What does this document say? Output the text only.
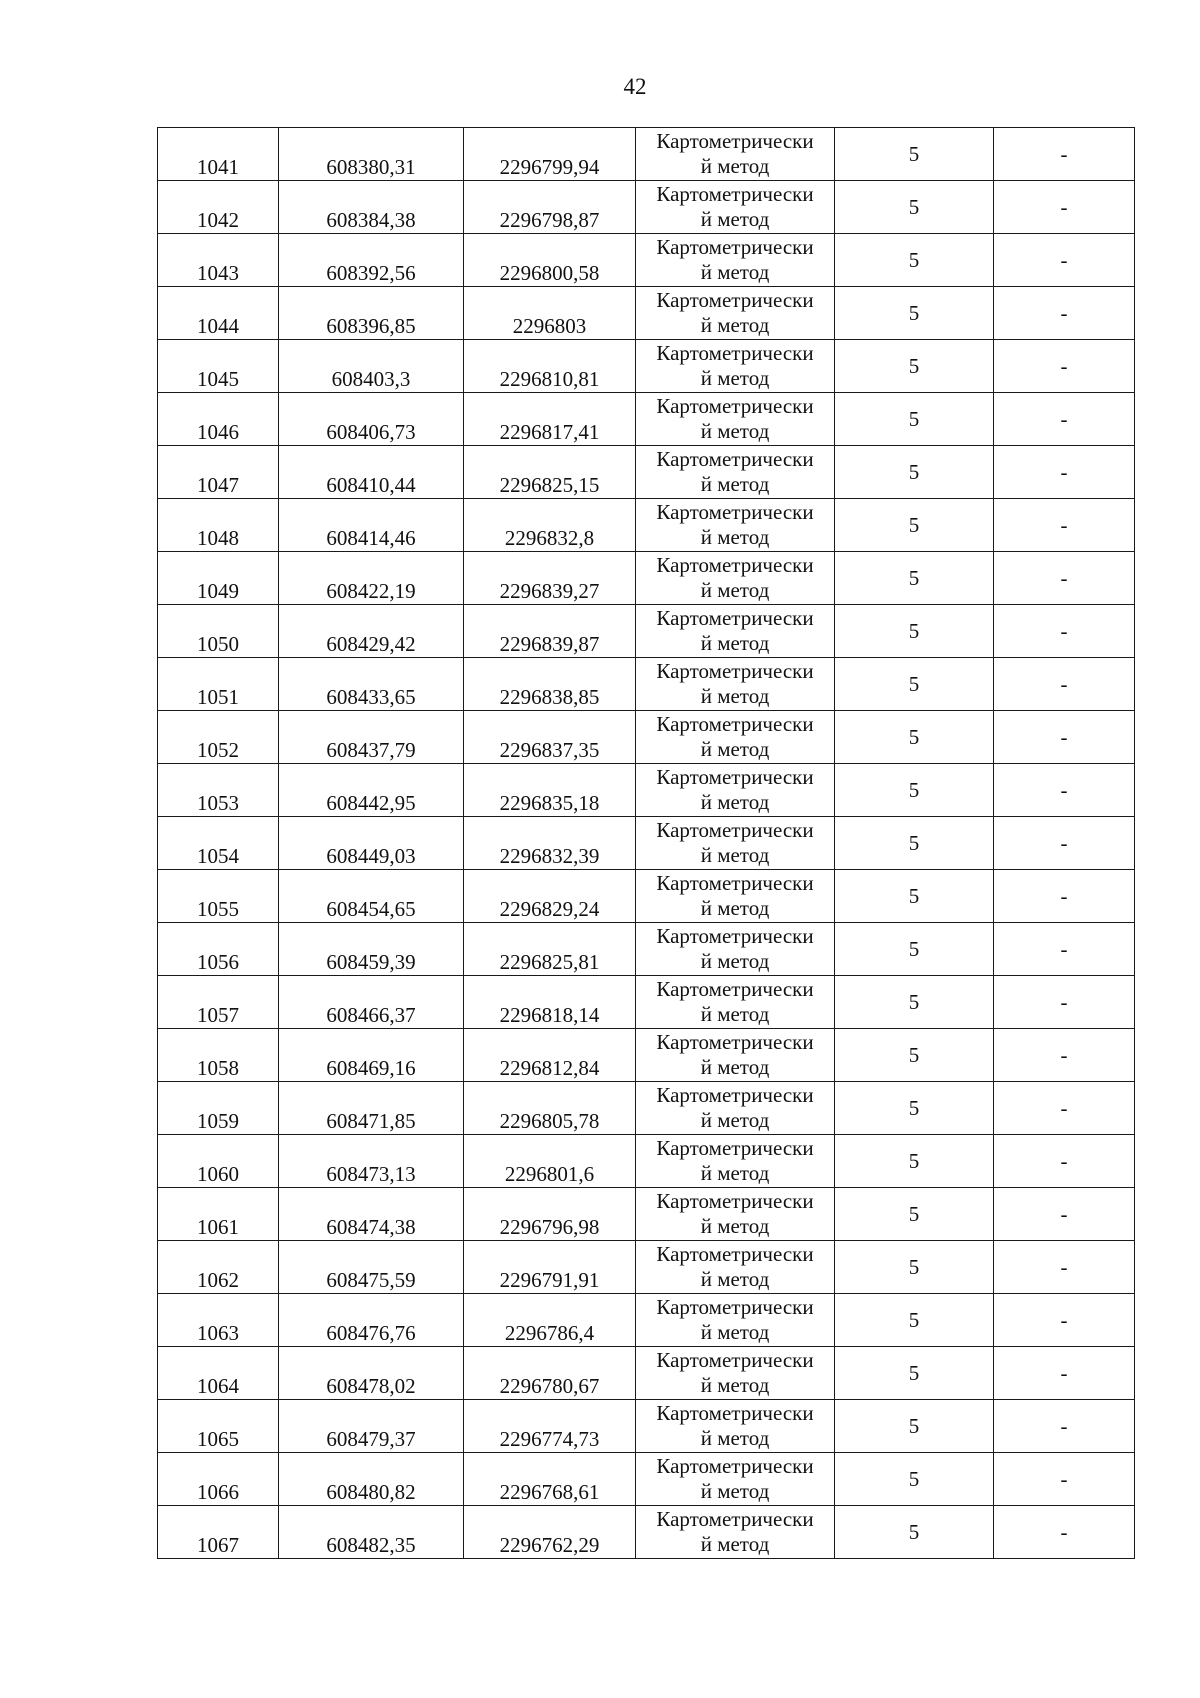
42
1041	608380,31	2296799,94	Картометрически
й метод	5	-
1042	608384,38	2296798,87	Картометрически
й метод	5	-
1043	608392,56	2296800,58	Картометрически
й метод	5	-
1044	608396,85	2296803	Картометрически
й метод	5	-
1045	608403,3	2296810,81	Картометрически
й метод	5	-
1046	608406,73	2296817,41	Картометрически
й метод	5	-
1047	608410,44	2296825,15	Картометрически
й метод	5	-
1048	608414,46	2296832,8	Картометрически
й метод	5	-
1049	608422,19	2296839,27	Картометрически
й метод	5	-
1050	608429,42	2296839,87	Картометрически
й метод	5	-
1051	608433,65	2296838,85	Картометрически
й метод	5	-
1052	608437,79	2296837,35	Картометрически
й метод	5	-
1053	608442,95	2296835,18	Картометрически
й метод	5	-
1054	608449,03	2296832,39	Картометрически
й метод	5	-
1055	608454,65	2296829,24	Картометрически
й метод	5	-
1056	608459,39	2296825,81	Картометрически
й метод	5	-
1057	608466,37	2296818,14	Картометрически
й метод	5	-
1058	608469,16	2296812,84	Картометрически
й метод	5	-
1059	608471,85	2296805,78	Картометрически
й метод	5	-
1060	608473,13	2296801,6	Картометрически
й метод	5	-
1061	608474,38	2296796,98	Картометрически
й метод	5	-
1062	608475,59	2296791,91	Картометрически
й метод	5	-
1063	608476,76	2296786,4	Картометрически
й метод	5	-
1064	608478,02	2296780,67	Картометрически
й метод	5	-
1065	608479,37	2296774,73	Картометрически
й метод	5	-
1066	608480,82	2296768,61	Картометрически
й метод	5	-
1067	608482,35	2296762,29	Картометрически
й метод	5	-
